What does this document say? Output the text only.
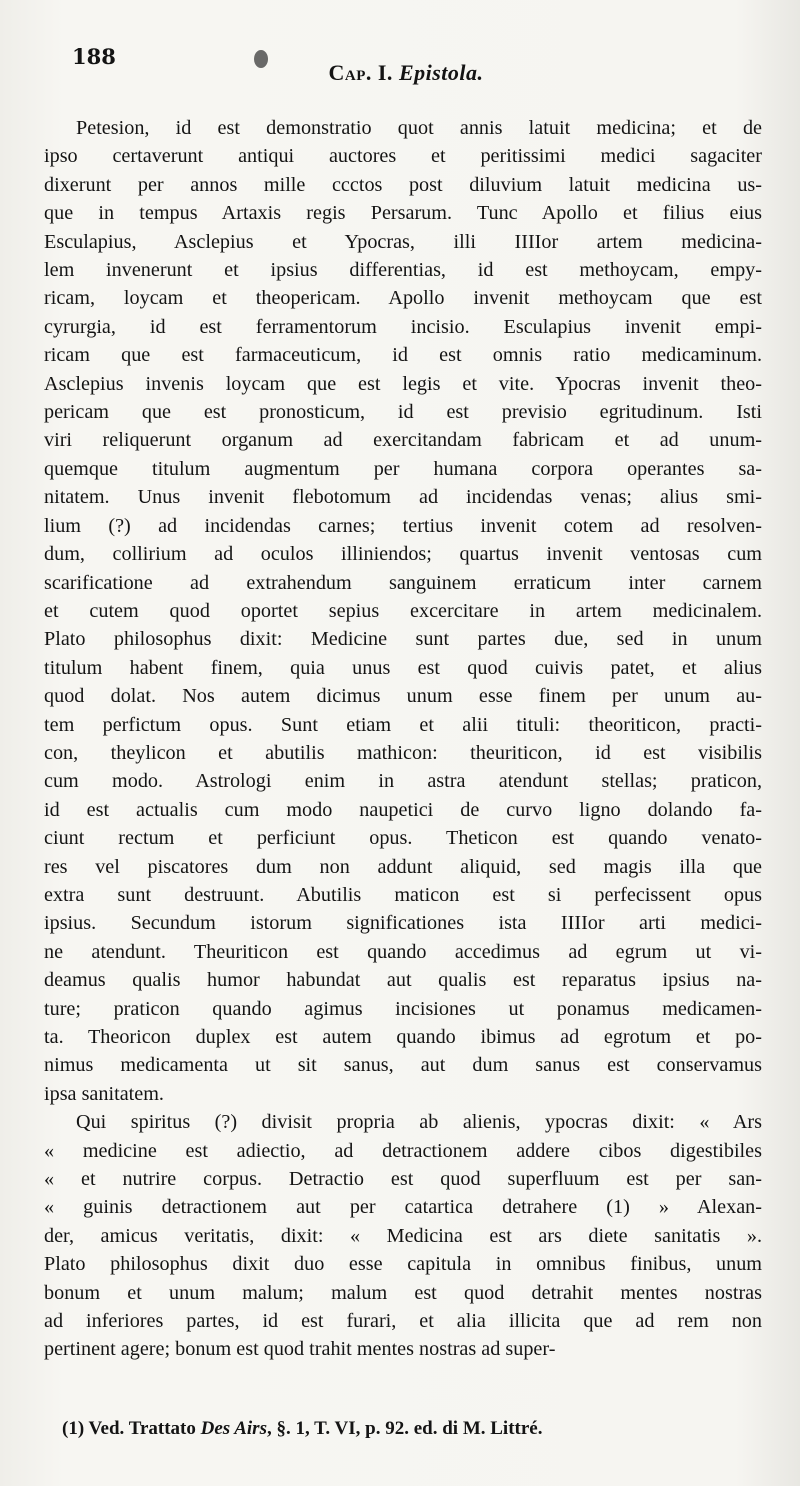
188
Cap. I. Epistola.
Petesion, id est demonstratio quot annis latuit medicina; et de
ipso certaverunt antiqui auctores et peritissimi medici sagaciter
dixerunt per annos mille ccctos post diluvium latuit medicina us-
que in tempus Artaxis regis Persarum. Tunc Apollo et filius eius
Esculapius, Asclepius et Ypocras, illi IIIIor artem medicina-
lem invenerunt et ipsius differentias, id est methoycam, empy-
ricam, loycam et theopericam. Apollo invenit methoycam que est
cyrurgia, id est ferramentorum incisio. Esculapius invenit empi-
ricam que est farmaceuticum, id est omnis ratio medicaminum.
Asclepius invenis loycam que est legis et vite. Ypocras invenit theo-
pericam que est pronosticum, id est previsio egritudinum. Isti
viri reliquerunt organum ad exercitandam fabricam et ad unum-
quemque titulum augmentum per humana corpora operantes sa-
nitatem. Unus invenit flebotomum ad incidendas venas; alius smi-
lium (?) ad incidendas carnes; tertius invenit cotem ad resolven-
dum, collirium ad oculos illiniendos; quartus invenit ventosas cum
scarificatione ad extrahendum sanguinem erraticum inter carnem
et cutem quod oportet sepius excercitare in artem medicinalem.
Plato philosophus dixit: Medicine sunt partes due, sed in unum
titulum habent finem, quia unus est quod cuivis patet, et alius
quod dolat. Nos autem dicimus unum esse finem per unum au-
tem perfictum opus. Sunt etiam et alii tituli: theoriticon, practi-
con, theylicon et abutilis mathicon: theuriticon, id est visibilis
cum modo. Astrologi enim in astra atendunt stellas; praticon,
id est actualis cum modo naupetici de curvo ligno dolando fa-
ciunt rectum et perficiunt opus. Theticon est quando venato-
res vel piscatores dum non addunt aliquid, sed magis illa que
extra sunt destruunt. Abutilis maticon est si perfecissent opus
ipsius. Secundum istorum significationes ista IIIIor arti medici-
ne atendunt. Theuriticon est quando accedimus ad egrum ut vi-
deamus qualis humor habundat aut qualis est reparatus ipsius na-
ture; praticon quando agimus incisiones ut ponamus medicamen-
ta. Theoricon duplex est autem quando ibimus ad egrotum et po-
nimus medicamenta ut sit sanus, aut dum sanus est conservamus
ipsa sanitatem.
Qui spiritus (?) divisit propria ab alienis, ypocras dixit: « Ars
« medicine est adiectio, ad detractionem addere cibos digestibiles
« et nutrire corpus. Detractio est quod superfluum est per san-
« guinis detractionem aut per catartica detrahere (1) » Alexan-
der, amicus veritatis, dixit: « Medicina est ars diete sanitatis ».
Plato philosophus dixit duo esse capitula in omnibus finibus, unum
bonum et unum malum; malum est quod detrahit mentes nostras
ad inferiores partes, id est furari, et alia illicita que ad rem non
pertinent agere; bonum est quod trahit mentes nostras ad super-
(1) Ved. Trattato Des Airs, §. 1, T. VI, p. 92. ed. di M. Littré.
